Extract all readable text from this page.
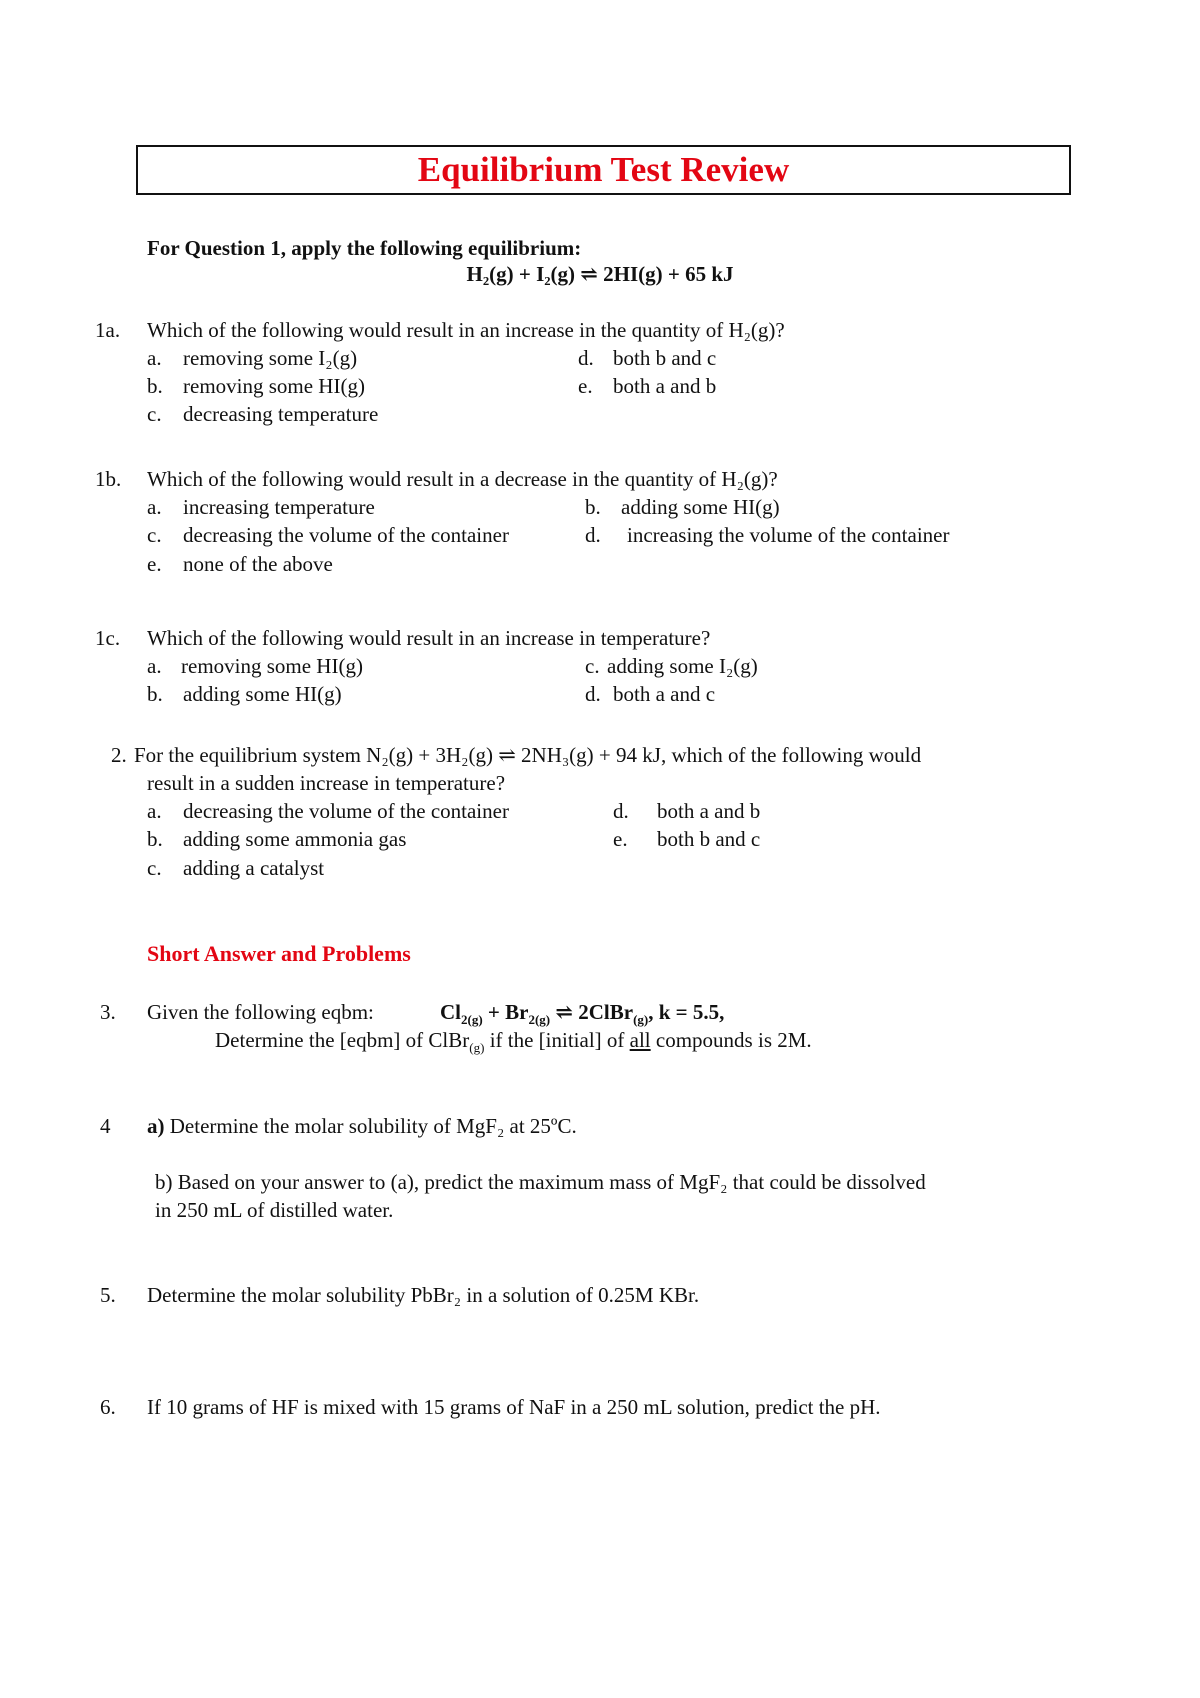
Equilibrium Test Review
For Question 1, apply the following equilibrium:
H₂(g) + I₂(g) ⇌ 2HI(g) + 65 kJ
1a. Which of the following would result in an increase in the quantity of H₂(g)?
a. removing some I₂(g)
b. removing some HI(g)
c. decreasing temperature
d. both b and c
e. both a and b
1b. Which of the following would result in a decrease in the quantity of H₂(g)?
a. increasing temperature	b. adding some HI(g)
c. decreasing the volume of the container	d. increasing the volume of the container
e. none of the above
1c. Which of the following would result in an increase in temperature?
a. removing some HI(g)
b. adding some HI(g)
c. adding some I₂(g)
d. both a and c
2. For the equilibrium system N₂(g) + 3H₂(g) ⇌ 2NH₃(g) + 94 kJ, which of the following would
result in a sudden increase in temperature?
a. decreasing the volume of the container
b. adding some ammonia gas
c. adding a catalyst
d. both a and b
e. both b and c
Short Answer and Problems
3. Given the following eqbm:	$Cl_{2(g)} + Br_{2(g)}$ ⇌ 2ClBr$_{(g)}$, k = 5.5,
Determine the [eqbm] of ClBr$_{(g)}$ if the [initial] of all compounds is 2M.
4 a) Determine the molar solubility of MgF₂ at 25ºC.
b) Based on your answer to (a), predict the maximum mass of MgF₂ that could be dissolved
in 250 mL of distilled water.
5. Determine the molar solubility PbBr₂ in a solution of 0.25M KBr.
6. If 10 grams of HF is mixed with 15 grams of NaF in a 250 mL solution, predict the pH.
